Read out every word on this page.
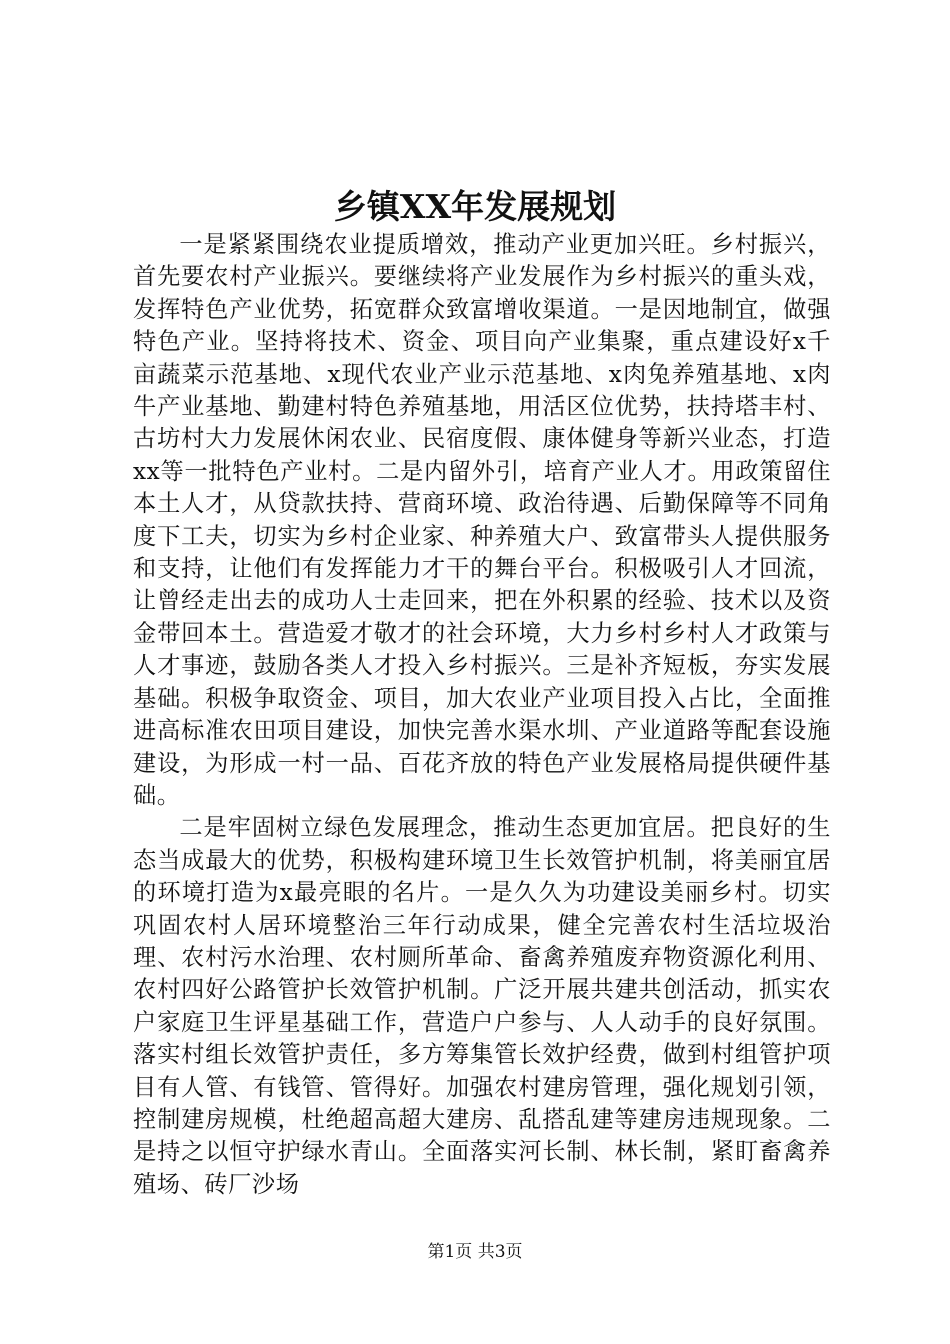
乡镇XX年发展规划

一是紧紧围绕农业提质增效，推动产业更加兴旺。乡村振兴，首先要农村产业振兴。要继续将产业发展作为乡村振兴的重头戏，发挥特色产业优势，拓宽群众致富增收渠道。一是因地制宜，做强特色产业。坚持将技术、资金、项目向产业集聚，重点建设好x千亩蔬菜示范基地、x现代农业产业示范基地、x肉兔养殖基地、x肉牛产业基地、勤建村特色养殖基地，用活区位优势，扶持塔丰村、古坊村大力发展休闲农业、民宿度假、康体健身等新兴业态，打造xx等一批特色产业村。二是内留外引，培育产业人才。用政策留住本土人才，从贷款扶持、营商环境、政治待遇、后勤保障等不同角度下工夫，切实为乡村企业家、种养殖大户、致富带头人提供服务和支持，让他们有发挥能力才干的舞台平台。积极吸引人才回流，让曾经走出去的成功人士走回来，把在外积累的经验、技术以及资金带回本土。营造爱才敬才的社会环境，大力乡村乡村人才政策与人才事迹，鼓励各类人才投入乡村振兴。三是补齐短板，夯实发展基础。积极争取资金、项目，加大农业产业项目投入占比，全面推进高标准农田项目建设，加快完善水渠水圳、产业道路等配套设施建设，为形成一村一品、百花齐放的特色产业发展格局提供硬件基础。

二是牢固树立绿色发展理念，推动生态更加宜居。把良好的生态当成最大的优势，积极构建环境卫生长效管护机制，将美丽宜居的环境打造为x最亮眼的名片。一是久久为功建设美丽乡村。切实巩固农村人居环境整治三年行动成果，健全完善农村生活垃圾治理、农村污水治理、农村厕所革命、畜禽养殖废弃物资源化利用、农村四好公路管护长效管护机制。广泛开展共建共创活动，抓实农户家庭卫生评星基础工作，营造户户参与、人人动手的良好氛围。落实村组长效管护责任，多方筹集管长效护经费，做到村组管护项目有人管、有钱管、管得好。加强农村建房管理，强化规划引领，控制建房规模，杜绝超高超大建房、乱搭乱建等建房违规现象。二是持之以恒守护绿水青山。全面落实河长制、林长制，紧盯畜禽养殖场、砖厂沙场

第1页 共3页
